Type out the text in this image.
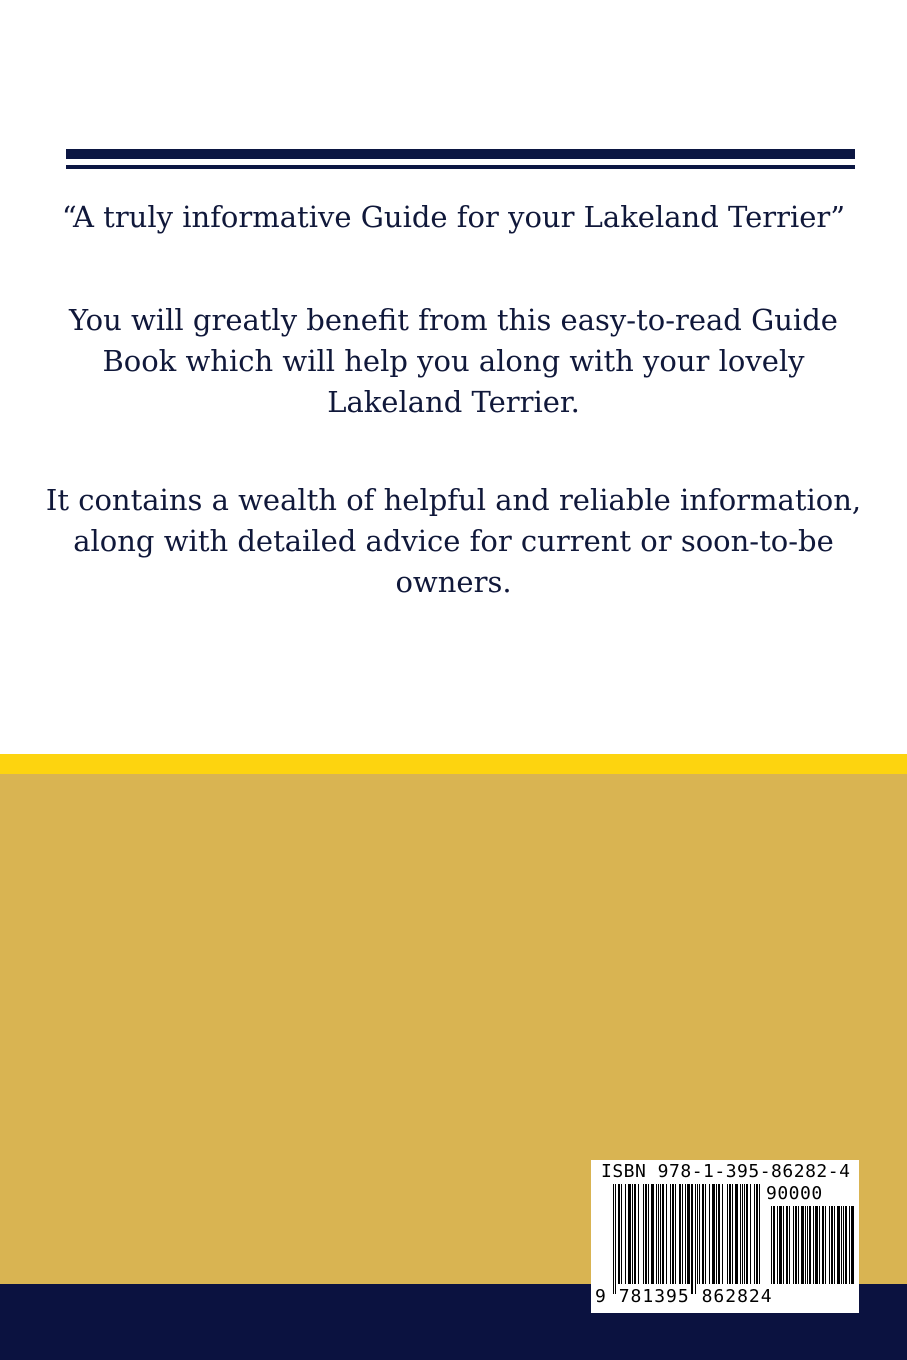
“A truly informative Guide for your Lakeland Terrier”

You will greatly benefit from this easy-to-read Guide
Book which will help you along with your lovely
Lakeland Terrier.

It contains a wealth of helpful and reliable information,
along with detailed advice for current or soon-to-be
owners.

ISBN 978-1-395-86282-4
90000
9 781395 862824
